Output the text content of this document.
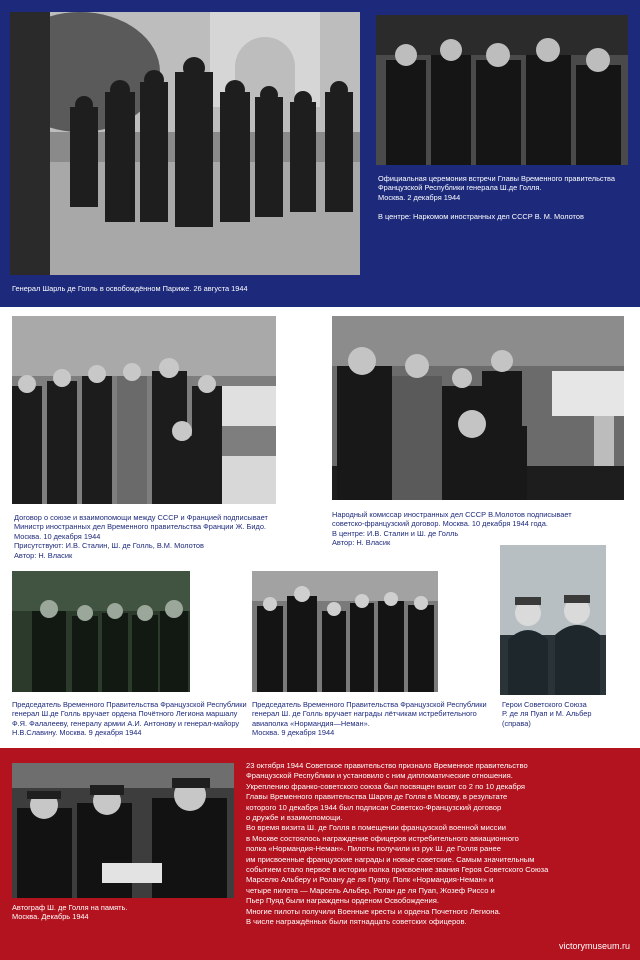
Генерал Шарль де Голль в освобождённом Париже. 26 августа 1944
Официальная церемония встречи Главы Временного правительства
Французской Республики генерала Ш.де Голля.
Москва. 2 декабря 1944

В центре: Наркомом иностранных дел СССР В. М. Молотов
Договор о союзе и взаимопомощи между СССР и Францией подписывает
Министр иностранных дел Временного правительства Франции Ж. Бидо.
Москва. 10 декабря 1944
Присутствуют: И.В. Сталин, Ш. де Голль, В.М. Молотов
Автор: Н. Власик
Народный комиссар иностранных дел СССР В.Молотов подписывает
советско-французский договор. Москва. 10 декабря 1944 года.
В центре: И.В. Сталин и Ш. де Голль
Автор: Н. Власик
Председатель Временного Правительства Французской Республики
генерал Ш.де Голль вручает ордена Почётного Легиона маршалу
Ф.Я. Фалалееву, генералу армии А.И. Антонову и генерал-майору
Н.В.Славину. Москва. 9 декабря 1944
Председатель Временного Правительства Французской Республики
генерал Ш. де Голль вручает награды лётчикам истребительного
авиаполка «Нормандия—Неман».
Москва. 9 декабря 1944
Герои Советского Союза
Р. де ля Пуап и М. Альбер
(справа)
Автограф Ш. де Голля на память.
Москва. Декабрь 1944
23 октября 1944 Советское правительство признало Временное правительство
Французской Республики и установило с ним дипломатические отношения.
Укреплению франко-советского союза был посвящен визит со 2 по 10 декабря
Главы Временного правительства Шарля де Голля в Москву, в результате
которого 10 декабря 1944 был подписан Советско-Французский договор
о дружбе и взаимопомощи.
Во время визита Ш. де Голля в помещении французской военной миссии
в Москве состоялось награждение офицеров истребительного авиационного
полка «Нормандия-Неман». Пилоты получили из рук Ш. де Голля ранее
им присвоенные французские награды и новые советские. Самым значительным
событием стало первое в истории полка присвоение звания Героя Советского Союза
Марселю Альберу и Ролану де ля Пуапу. Полк «Нормандия-Неман» и
четыре пилота — Марсель Альбер, Ролан де ля Пуап, Жозеф Риссо и
Пьер Пуяд были награждены орденом Освобождения.
Многие пилоты получили Военные кресты и ордена Почетного Легиона.
В числе награждённых были пятнадцать советских офицеров.
victorymuseum.ru
